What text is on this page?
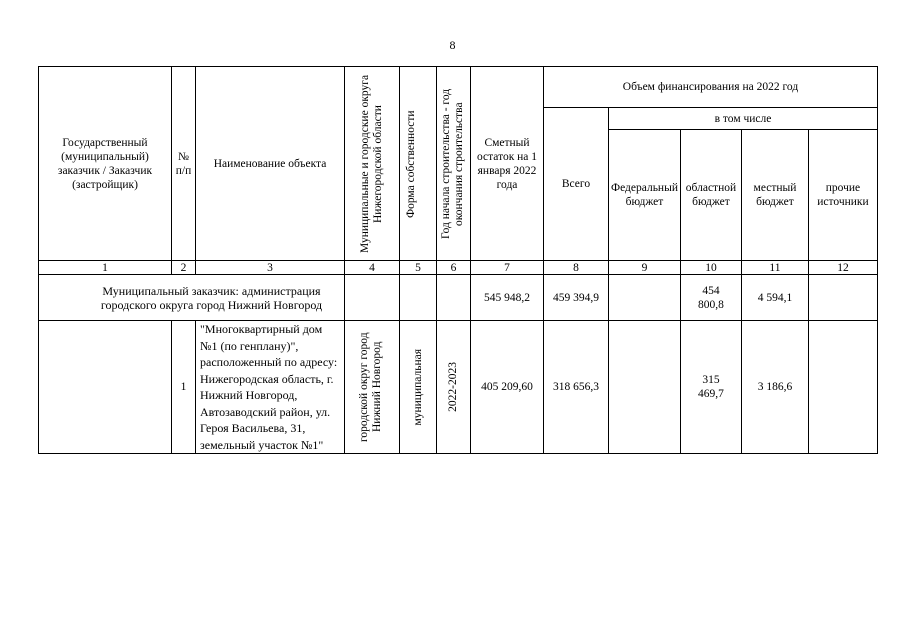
8
Государственный (муниципальный) заказчик / Заказчик (застройщик)	№ п/п	Наименование объекта	Муниципальные и городские округа Нижегородской области	Форма собственности	Год начала строительства - год окончания строительства	Сметный остаток на 1 января 2022 года	Объем финансирования на 2022 год				
							Всего	в том числе			
								Федеральный бюджет	областной бюджет	местный бюджет	прочие источники
1	2	3	4	5	6	7	8	9	10	11	12
Муниципальный заказчик: администрация городского округа город Нижний Новгород						545 948,2	459 394,9		454 800,8	4 594,1	
	1	"Многоквартирный дом №1 (по генплану)", расположенный по адресу: Нижегородская область, г. Нижний Новгород, Автозаводский район, ул. Героя Васильева, 31, земельный участок №1"	городской округ город Нижний Новгород	муниципальная	2022-2023	405 209,60	318 656,3		315 469,7	3 186,6	
